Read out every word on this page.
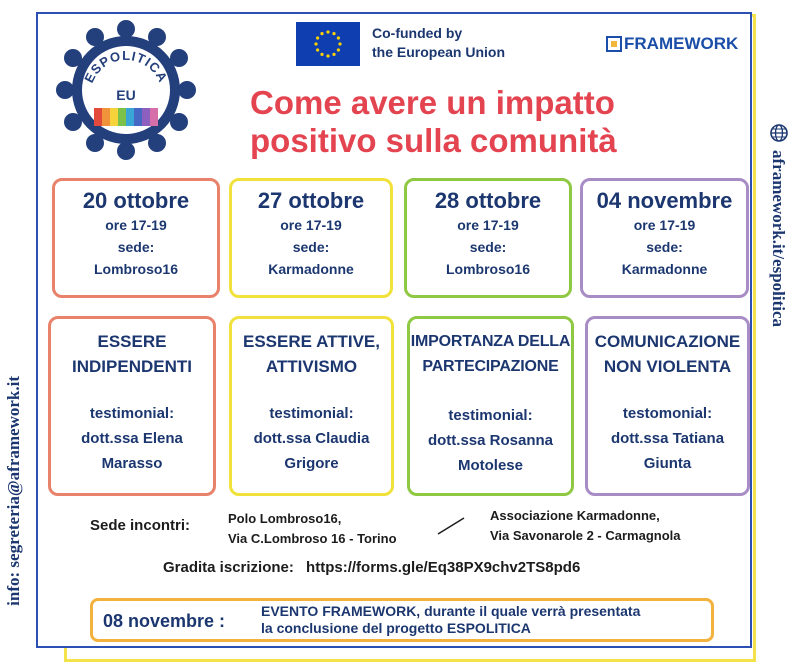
ESPOLITICA
EU
Co-funded by
the European Union	FRAMEWORK
Come avere un impatto
positivo sulla comunità
aframework.it/espolitica
info: segreteria@aframework.it
20 ottobre
ore 17-19
sede:
Lombroso16
27 ottobre
ore 17-19
sede:
Karmadonne
28 ottobre
ore 17-19
sede:
Lombroso16
04 novembre
ore 17-19
sede:
Karmadonne
ESSERE
INDIPENDENTI
testimonial:
dott.ssa Elena
Marasso
ESSERE ATTIVE,
ATTIVISMO
testimonial:
dott.ssa Claudia
Grigore
IMPORTANZA DELLA
PARTECIPAZIONE
testimonial:
dott.ssa Rosanna
Motolese
COMUNICAZIONE
NON VIOLENTA
testomonial:
dott.ssa Tatiana
Giunta
Sede incontri:	Polo Lombroso16,
Via C.Lombroso 16 - Torino
Associazione Karmadonne,
Via Savonarole 2 - Carmagnola
Gradita iscrizione: https://forms.gle/Eq38PX9chv2TS8pd6
08 novembre :	EVENTO FRAMEWORK, durante il quale verrà presentata
la conclusione del progetto ESPOLITICA
